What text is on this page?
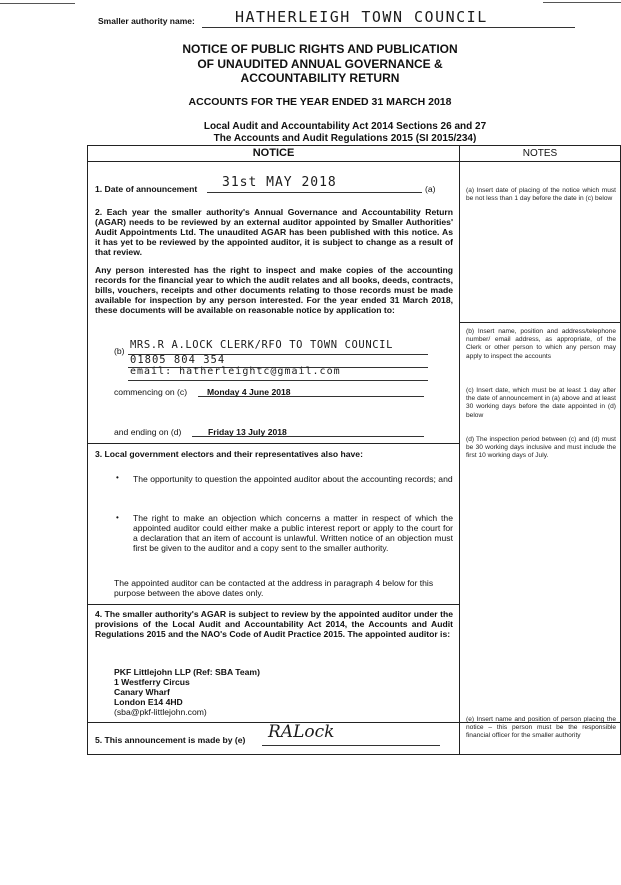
Smaller authority name:	HATHERLEIGH TOWN COUNCIL
NOTICE OF PUBLIC RIGHTS AND PUBLICATION
OF UNAUDITED ANNUAL GOVERNANCE &
ACCOUNTABILITY RETURN
ACCOUNTS FOR THE YEAR ENDED 31 MARCH 2018
Local Audit and Accountability Act 2014 Sections 26 and 27
The Accounts and Audit Regulations 2015 (SI 2015/234)
NOTICE	NOTES
1. Date of announcement 31st MAY 2018	(a)
2. Each year the smaller authority's Annual Governance and Accountability Return (AGAR) needs to be reviewed by an external auditor appointed by Smaller Authorities' Audit Appointments Ltd. The unaudited AGAR has been published with this notice. As it has yet to be reviewed by the appointed auditor, it is subject to change as a result of that review.
Any person interested has the right to inspect and make copies of the accounting records for the financial year to which the audit relates and all books, deeds, contracts, bills, vouchers, receipts and other documents relating to those records must be made available for inspection by any person interested. For the year ended 31 March 2018, these documents will be available on reasonable notice by application to:
(b) MRS.R A.LOCK CLERK/RFO TO TOWN COUNCIL
01805 804 354
email: hatherleightc@gmail.com
commencing on (c) Monday 4 June 2018
and ending on (d)	Friday 13 July 2018
3. Local government electors and their representatives also have:
• The opportunity to question the appointed auditor about the accounting records; and
• The right to make an objection which concerns a matter in respect of which the appointed auditor could either make a public interest report or apply to the court for a declaration that an item of account is unlawful. Written notice of an objection must first be given to the auditor and a copy sent to the smaller authority.
The appointed auditor can be contacted at the address in paragraph 4 below for this purpose between the above dates only.
4. The smaller authority's AGAR is subject to review by the appointed auditor under the provisions of the Local Audit and Accountability Act 2014, the Accounts and Audit Regulations 2015 and the NAO's Code of Audit Practice 2015. The appointed auditor is:
PKF Littlejohn LLP (Ref: SBA Team)
1 Westferry Circus
Canary Wharf
London E14 4HD
(sba@pkf-littlejohn.com)
5. This announcement is made by (e) RALock
(a) Insert date of placing of the notice which must be not less than 1 day before the date in (c) below
(b) Insert name, position and address/telephone number/ email address, as appropriate, of the Clerk or other person to which any person may apply to inspect the accounts
(c) Insert date, which must be at least 1 day after the date of announcement in (a) above and at least 30 working days before the date appointed in (d) below
(d) The inspection period between (c) and (d) must be 30 working days inclusive and must include the first 10 working days of July.
(e) Insert name and position of person placing the notice – this person must be the responsible financial officer for the smaller authority
